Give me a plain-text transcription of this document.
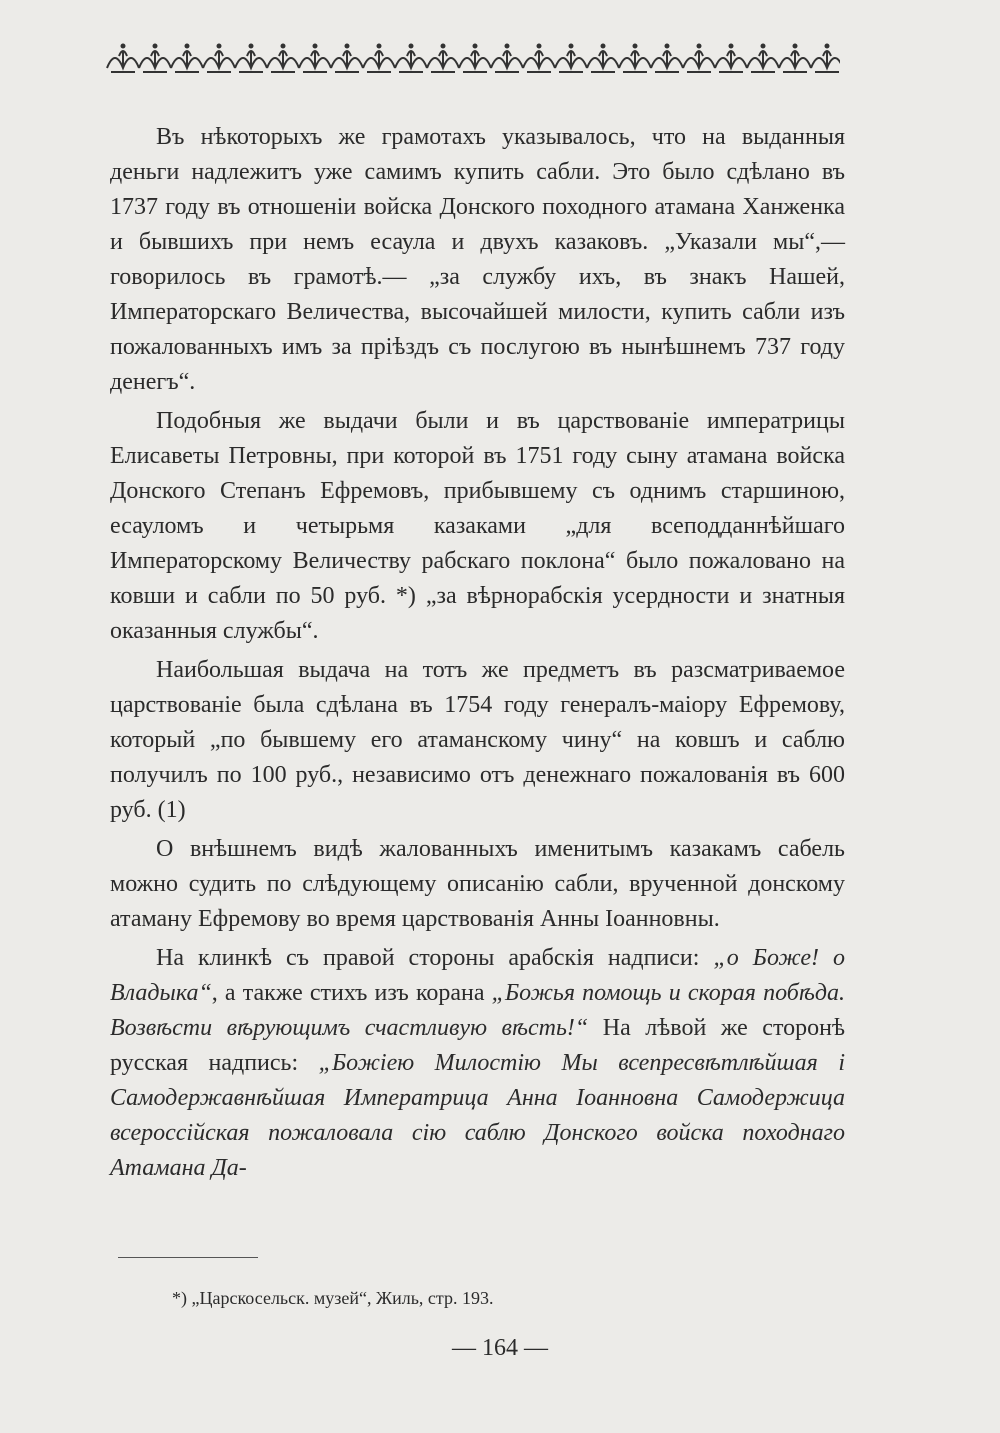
Въ нѣкоторыхъ же грамотахъ указывалось, что на выданныя деньги надлежитъ уже самимъ купить сабли. Это было сдѣлано въ 1737 году въ отношеніи войска Донского походного атамана Ханженка и бывшихъ при немъ есаула и двухъ казаковъ. „Указали мы“,—говорилось въ грамотѣ.— „за службу ихъ, въ знакъ Нашей, Императорскаго Величества, высочайшей милости, купить сабли изъ пожалованныхъ имъ за пріѣздъ съ послугою въ нынѣшнемъ 737 году денегъ“.

Подобныя же выдачи были и въ царствованіе императрицы Елисаветы Петровны, при которой въ 1751 году сыну атамана войска Донского Степанъ Ефремовъ, прибывшему съ однимъ старшиною, есауломъ и четырьмя казаками „для всеподданнѣйшаго Императорскому Величеству рабскаго поклона“ было пожаловано на ковши и сабли по 50 руб. *) „за вѣрнорабскія усердности и знатныя оказанныя службы“.

Наибольшая выдача на тотъ же предметъ въ разсматриваемое царствованіе была сдѣлана въ 1754 году генералъ-маіору Ефремову, который „по бывшему его атаманскому чину“ на ковшъ и саблю получилъ по 100 руб., независимо отъ денежнаго пожалованія въ 600 руб. (1)

О внѣшнемъ видѣ жалованныхъ именитымъ казакамъ сабель можно судить по слѣдующему описанію сабли, врученной донскому атаману Ефремову во время царствованія Анны Іоанновны.

На клинкѣ съ правой стороны арабскія надписи: „о Боже! о Владыка“, а также стихъ изъ корана „Божья помощь и скорая побѣда. Возвѣсти вѣрующимъ счастливую вѣсть!“ На лѣвой же сторонѣ русская надпись: „Божіею Милостію Мы всепресвѣтлѣйшая і Самодержавнѣйшая Императрица Анна Іоанновна Самодержица всероссійская пожаловала сію саблю Донского войска походнаго Атамана Да-

*) „Царскосельск. музей“, Жиль, стр. 193.
— 164 —
